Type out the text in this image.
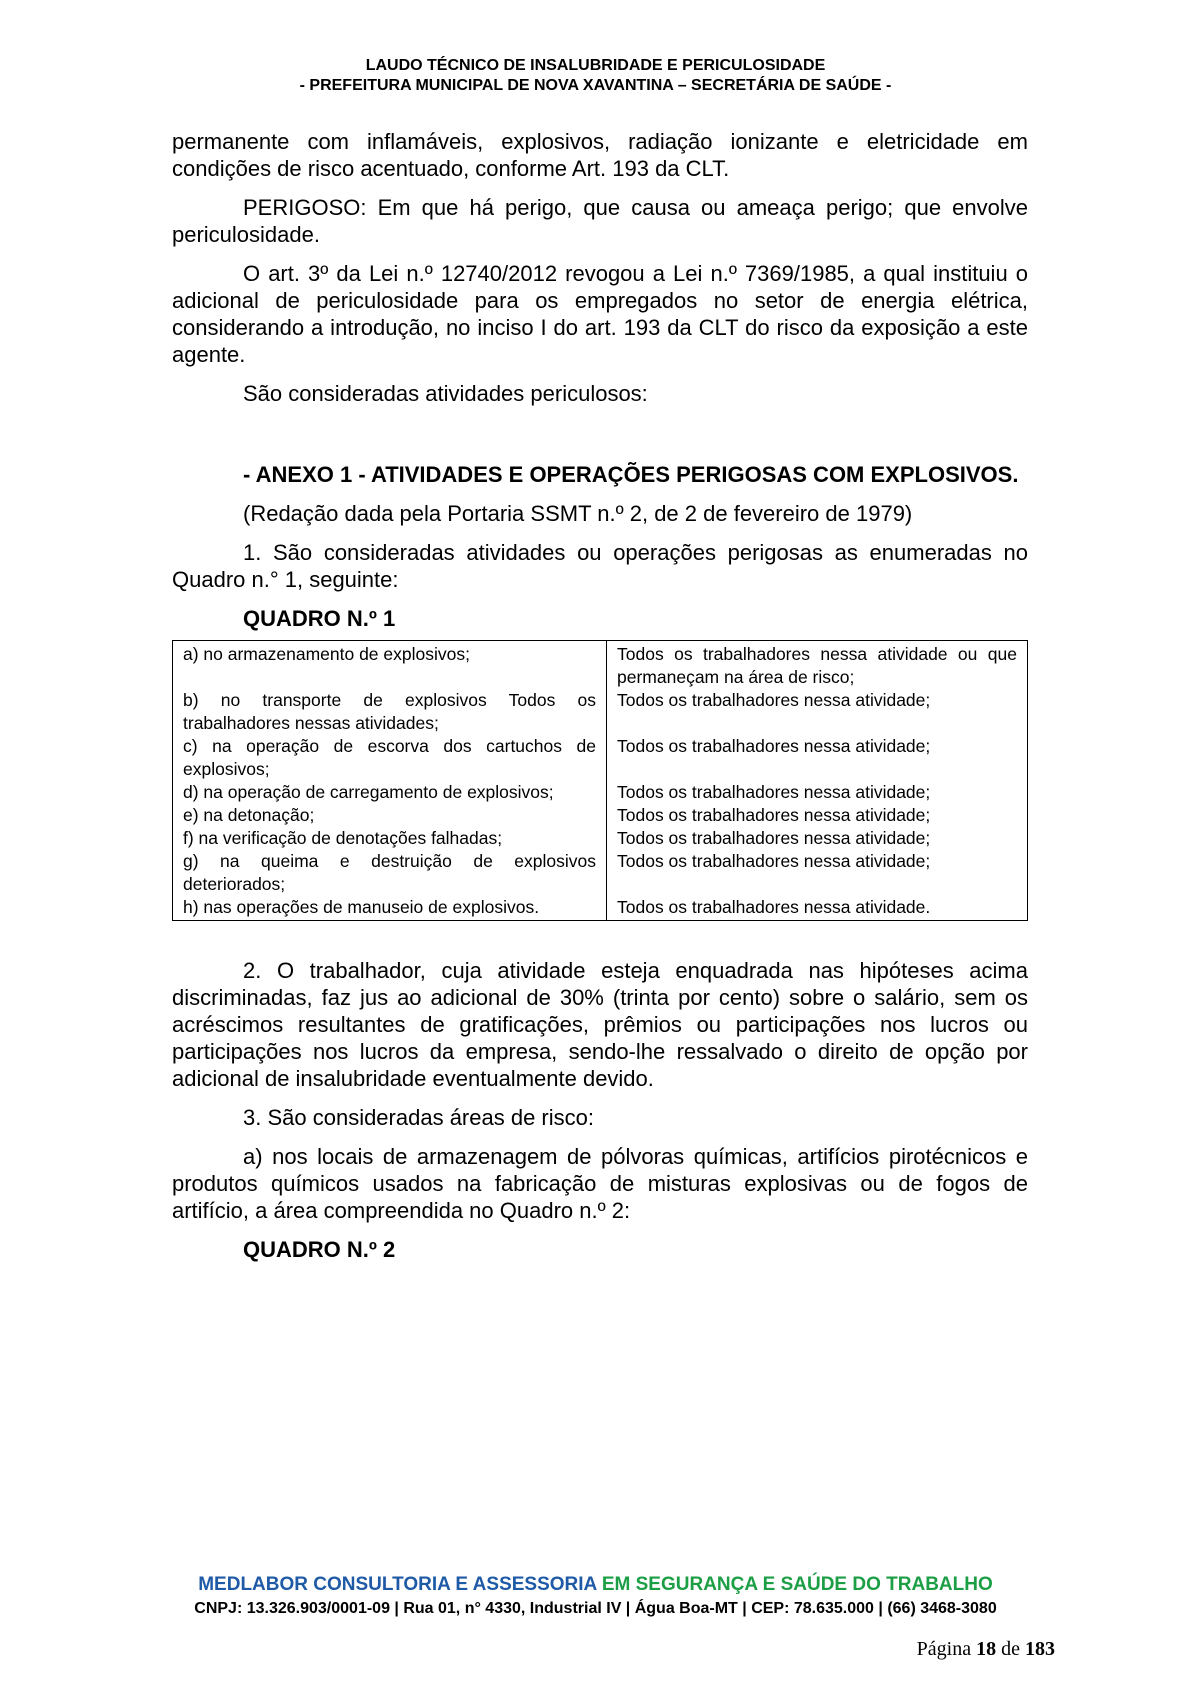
LAUDO TÉCNICO DE INSALUBRIDADE E PERICULOSIDADE
- PREFEITURA MUNICIPAL DE NOVA XAVANTINA – SECRETÁRIA DE SAÚDE -

permanente com inflamáveis, explosivos, radiação ionizante e eletricidade em condições de risco acentuado, conforme Art. 193 da CLT.

PERIGOSO: Em que há perigo, que causa ou ameaça perigo; que envolve periculosidade.

O art. 3º da Lei n.º 12740/2012 revogou a Lei n.º 7369/1985, a qual instituiu o adicional de periculosidade para os empregados no setor de energia elétrica, considerando a introdução, no inciso I do art. 193 da CLT do risco da exposição a este agente.

São consideradas atividades periculosos:

- ANEXO 1 - ATIVIDADES E OPERAÇÕES PERIGOSAS COM EXPLOSIVOS.

(Redação dada pela Portaria SSMT n.º 2, de 2 de fevereiro de 1979)

1. São consideradas atividades ou operações perigosas as enumeradas no Quadro n.° 1, seguinte:

QUADRO N.º 1

a) no armazenamento de explosivos;	Todos os trabalhadores nessa atividade ou que permaneçam na área de risco;
b) no transporte de explosivos Todos os trabalhadores nessas atividades;	Todos os trabalhadores nessa atividade;
c) na operação de escorva dos cartuchos de explosivos;	Todos os trabalhadores nessa atividade;
d) na operação de carregamento de explosivos;	Todos os trabalhadores nessa atividade;
e) na detonação;	Todos os trabalhadores nessa atividade;
f) na verificação de denotações falhadas;	Todos os trabalhadores nessa atividade;
g) na queima e destruição de explosivos deteriorados;	Todos os trabalhadores nessa atividade;
h) nas operações de manuseio de explosivos.	Todos os trabalhadores nessa atividade.

2. O trabalhador, cuja atividade esteja enquadrada nas hipóteses acima discriminadas, faz jus ao adicional de 30% (trinta por cento) sobre o salário, sem os acréscimos resultantes de gratificações, prêmios ou participações nos lucros ou participações nos lucros da empresa, sendo-lhe ressalvado o direito de opção por adicional de insalubridade eventualmente devido.

3. São consideradas áreas de risco:

a) nos locais de armazenagem de pólvoras químicas, artifícios pirotécnicos e produtos químicos usados na fabricação de misturas explosivas ou de fogos de artifício, a área compreendida no Quadro n.º 2:

QUADRO N.º 2

MEDLABOR CONSULTORIA E ASSESSORIA EM SEGURANÇA E SAÚDE DO TRABALHO
CNPJ: 13.326.903/0001-09 | Rua 01, n° 4330, Industrial IV | Água Boa-MT | CEP: 78.635.000 | (66) 3468-3080
Página 18 de 183
